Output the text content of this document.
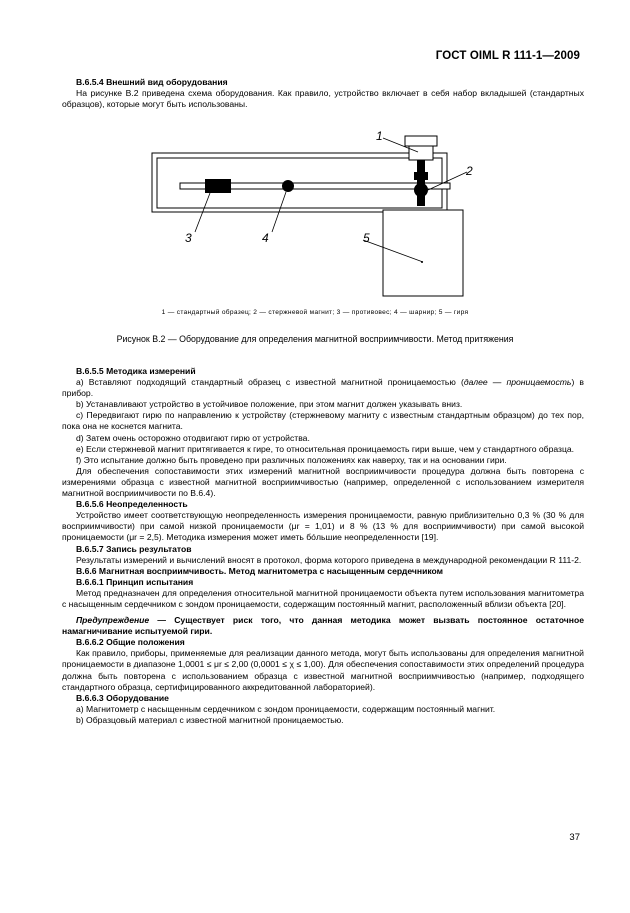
ГОСТ OIML R 111-1—2009

В.6.5.4 Внешний вид оборудования

На рисунке В.2 приведена схема оборудования. Как правило, устройство включает в себя набор вкладышей (стандартных образцов), которые могут быть использованы.

1
2
3	4	5
1 — стандартный образец; 2 — стержневой магнит; 3 — противовес; 4 — шарнир; 5 — гиря
Рисунок В.2 — Оборудование для определения магнитной восприимчивости. Метод притяжения

В.6.5.5 Методика измерений

a) Вставляют подходящий стандартный образец с известной магнитной проницаемостью (далее — проницаемость) в прибор.

b) Устанавливают устройство в устойчивое положение, при этом магнит должен указывать вниз.

c) Передвигают гирю по направлению к устройству (стержневому магниту с известным стандартным образцом) до тех пор, пока она не коснется магнита.

d) Затем очень осторожно отодвигают гирю от устройства.

e) Если стержневой магнит притягивается к гире, то относительная проницаемость гири выше, чем у стандартного образца.

f) Это испытание должно быть проведено при различных положениях как наверху, так и на основании гири.

Для обеспечения сопоставимости этих измерений магнитной восприимчивости процедура должна быть повторена с измерениями образца с известной магнитной восприимчивостью (например, определенной с использованием измерителя магнитной восприимчивости по В.6.4).

В.6.5.6 Неопределенность

Устройство имеет соответствующую неопределенность измерения проницаемости, равную приблизительно 0,3 % (30 % для восприимчивости) при самой низкой проницаемости (μr = 1,01) и 8 % (13 % для восприимчивости) при самой высокой проницаемости (μr = 2,5). Методика измерения может иметь бóльшие неопределенности [19].

В.6.5.7 Запись результатов

Результаты измерений и вычислений вносят в протокол, форма которого приведена в международной рекомендации R 111-2.

В.6.6 Магнитная восприимчивость. Метод магнитометра с насыщенным сердечником

В.6.6.1 Принцип испытания

Метод предназначен для определения относительной магнитной проницаемости объекта путем использования магнитометра с насыщенным сердечником с зондом проницаемости, содержащим постоянный магнит, расположенный вблизи объекта [20].

Предупреждение — Существует риск того, что данная методика может вызвать постоянное остаточное намагничивание испытуемой гири.

В.6.6.2 Общие положения

Как правило, приборы, применяемые для реализации данного метода, могут быть использованы для определения магнитной проницаемости в диапазоне 1,0001 ≤ μr ≤ 2,00 (0,0001 ≤ χ ≤ 1,00). Для обеспечения сопоставимости этих определений процедура должна быть повторена с использованием образца с известной магнитной восприимчивостью (например, подходящего стандартного образца, сертифицированного аккредитованной лабораторией).

В.6.6.3 Оборудование

a) Магнитометр с насыщенным сердечником с зондом проницаемости, содержащим постоянный магнит.

b) Образцовый материал с известной магнитной проницаемостью.

37
